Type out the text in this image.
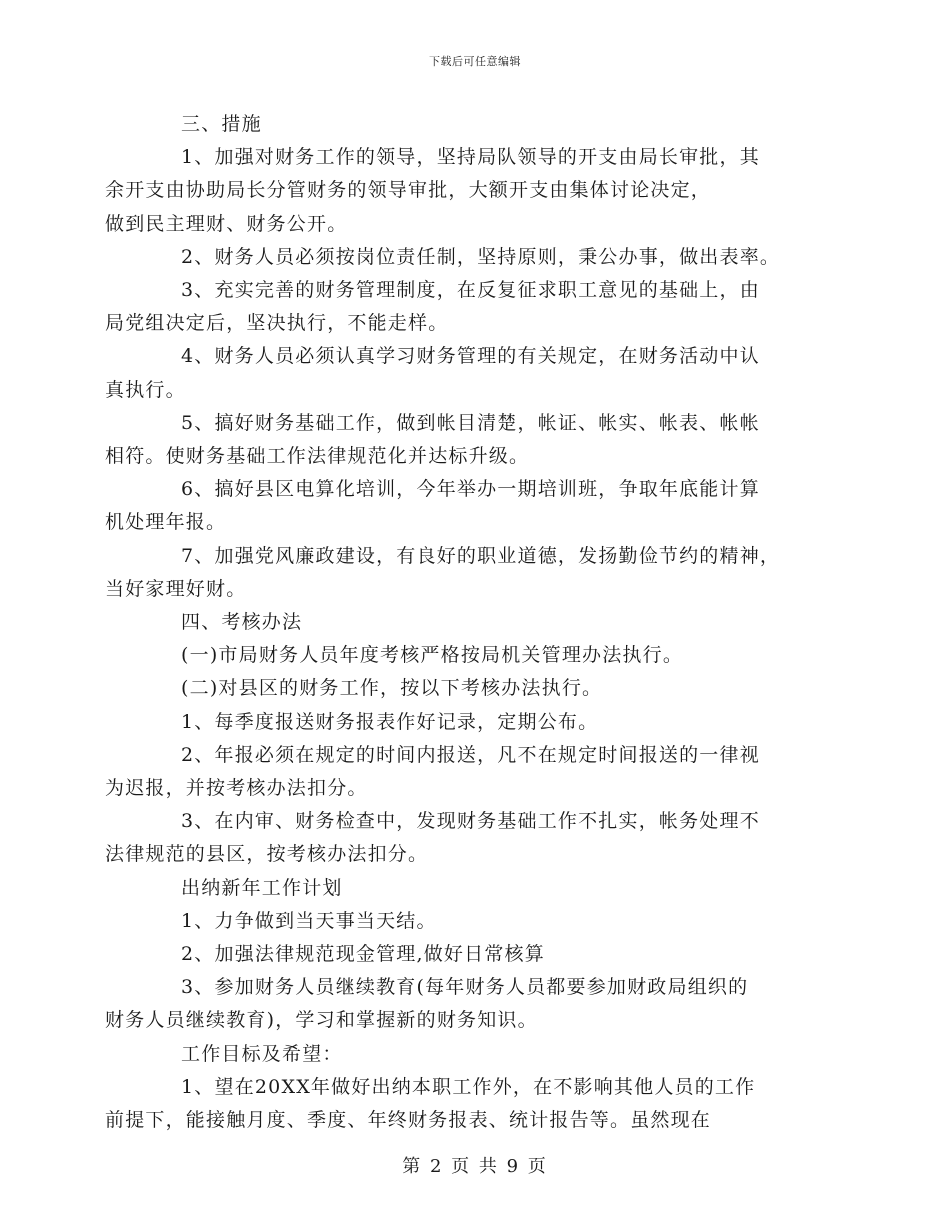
下载后可任意编辑

三、措施

1、加强对财务工作的领导，坚持局队领导的开支由局长审批，其
余开支由协助局长分管财务的领导审批，大额开支由集体讨论决定，
做到民主理财、财务公开。

2、财务人员必须按岗位责任制，坚持原则，秉公办事，做出表率。

3、充实完善的财务管理制度，在反复征求职工意见的基础上，由
局党组决定后，坚决执行，不能走样。

4、财务人员必须认真学习财务管理的有关规定，在财务活动中认
真执行。

5、搞好财务基础工作，做到帐目清楚，帐证、帐实、帐表、帐帐
相符。使财务基础工作法律规范化并达标升级。

6、搞好县区电算化培训，今年举办一期培训班，争取年底能计算
机处理年报。

7、加强党风廉政建设，有良好的职业道德，发扬勤俭节约的精神，
当好家理好财。

四、考核办法

(一)市局财务人员年度考核严格按局机关管理办法执行。

(二)对县区的财务工作，按以下考核办法执行。

1、每季度报送财务报表作好记录，定期公布。

2、年报必须在规定的时间内报送，凡不在规定时间报送的一律视
为迟报，并按考核办法扣分。

3、在内审、财务检查中，发现财务基础工作不扎实，帐务处理不
法律规范的县区，按考核办法扣分。

出纳新年工作计划

1、力争做到当天事当天结。

2、加强法律规范现金管理,做好日常核算

3、参加财务人员继续教育(每年财务人员都要参加财政局组织的
财务人员继续教育)，学习和掌握新的财务知识。

工作目标及希望：

1、望在20XX年做好出纳本职工作外，在不影响其他人员的工作
前提下，能接触月度、季度、年终财务报表、统计报告等。虽然现在

第 2 页 共 9 页
